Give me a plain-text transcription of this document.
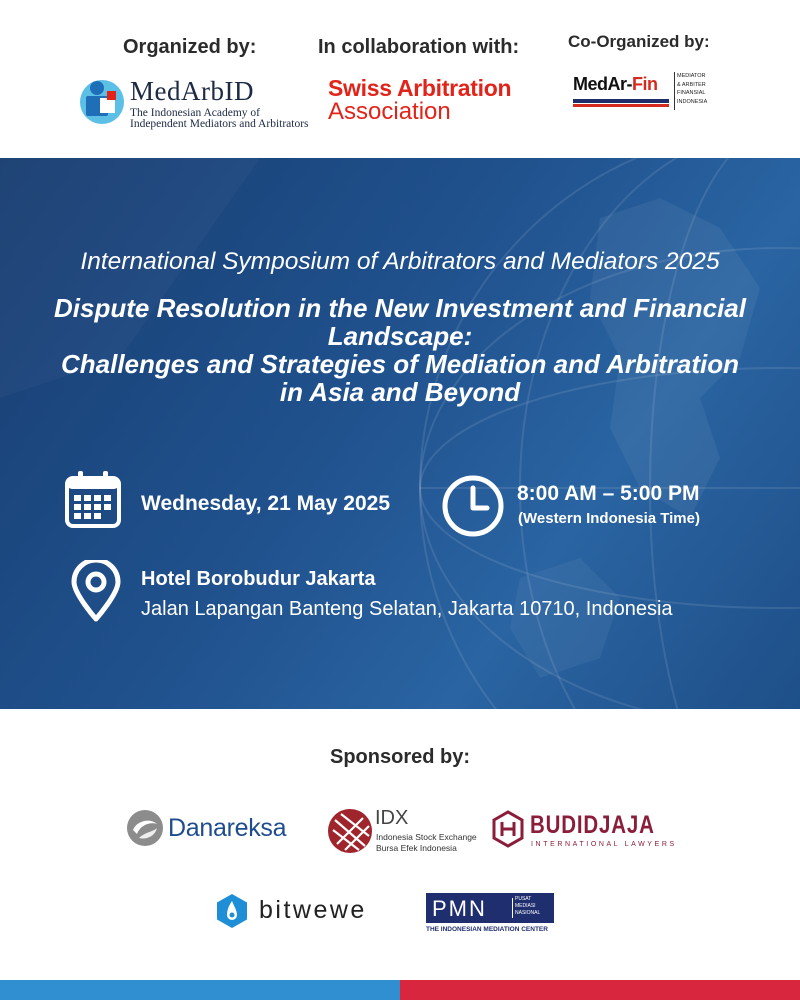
Organized by:
MedArbID
The Indonesian Academy of
Independent Mediators and Arbitrators
In collaboration with:
Swiss Arbitration
Association
Co-Organized by:
MedAr-Fin	MEDIATOR
& ARBITER
FINANSIAL
INDONESIA
International Symposium of Arbitrators and Mediators 2025
Dispute Resolution in the New Investment and Financial
Landscape:
Challenges and Strategies of Mediation and Arbitration
in Asia and Beyond
Wednesday, 21 May 2025	8:00 AM – 5:00 PM
(Western Indonesia Time)
Hotel Borobudur Jakarta
Jalan Lapangan Banteng Selatan, Jakarta 10710, Indonesia
Sponsored by:
Danareksa	IDX
Indonesia Stock Exchange
Bursa Efek Indonesia
BUDIDJAJA
INTERNATIONAL LAWYERS
bitwewe	PMN	PUSAT
MEDIASI
NASIONAL
THE INDONESIAN MEDIATION CENTER
